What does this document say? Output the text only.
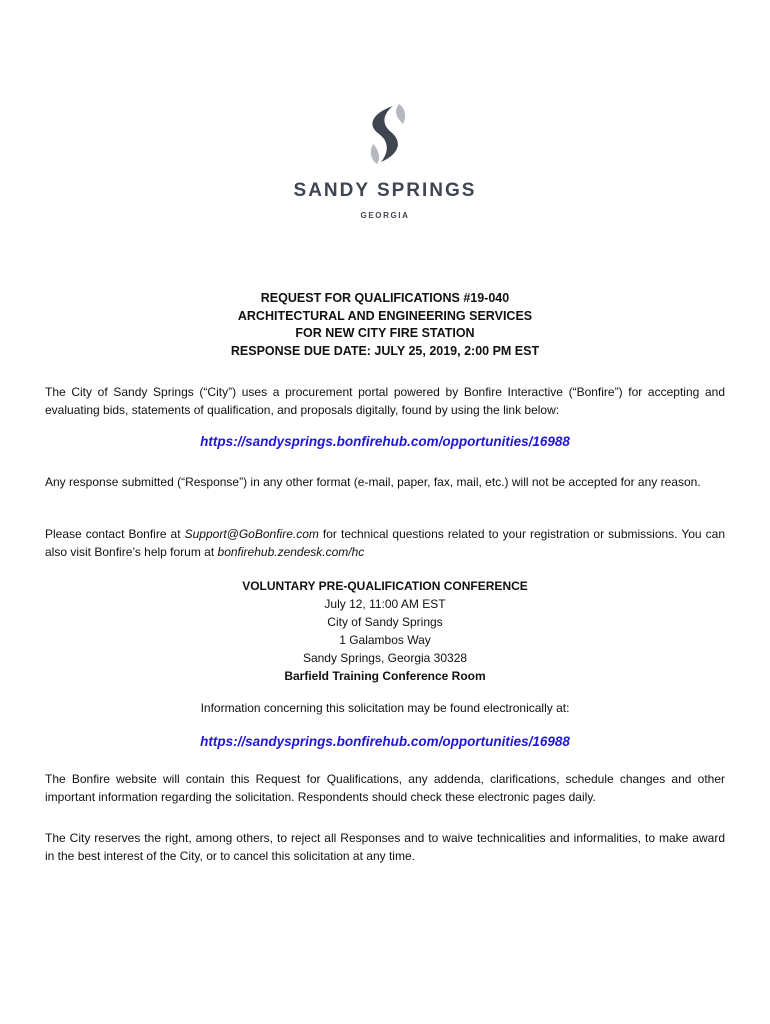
SANDY SPRINGS
GEORGIA
REQUEST FOR QUALIFICATIONS #19-040
ARCHITECTURAL AND ENGINEERING SERVICES
FOR NEW CITY FIRE STATION
RESPONSE DUE DATE: JULY 25, 2019, 2:00 PM EST
The City of Sandy Springs (“City”) uses a procurement portal powered by Bonfire Interactive (“Bonfire”) for accepting and evaluating bids, statements of qualification, and proposals digitally, found by using the link below:
https://sandysprings.bonfirehub.com/opportunities/16988
Any response submitted (“Response”) in any other format (e-mail, paper, fax, mail, etc.) will not be accepted for any reason.
Please contact Bonfire at Support@GoBonfire.com for technical questions related to your registration or submissions. You can also visit Bonfire’s help forum at bonfirehub.zendesk.com/hc
VOLUNTARY PRE-QUALIFICATION CONFERENCE
July 12, 11:00 AM EST
City of Sandy Springs
1 Galambos Way
Sandy Springs, Georgia 30328
Barfield Training Conference Room
Information concerning this solicitation may be found electronically at:
https://sandysprings.bonfirehub.com/opportunities/16988
The Bonfire website will contain this Request for Qualifications, any addenda, clarifications, schedule changes and other important information regarding the solicitation. Respondents should check these electronic pages daily.
The City reserves the right, among others, to reject all Responses and to waive technicalities and informalities, to make award in the best interest of the City, or to cancel this solicitation at any time.
